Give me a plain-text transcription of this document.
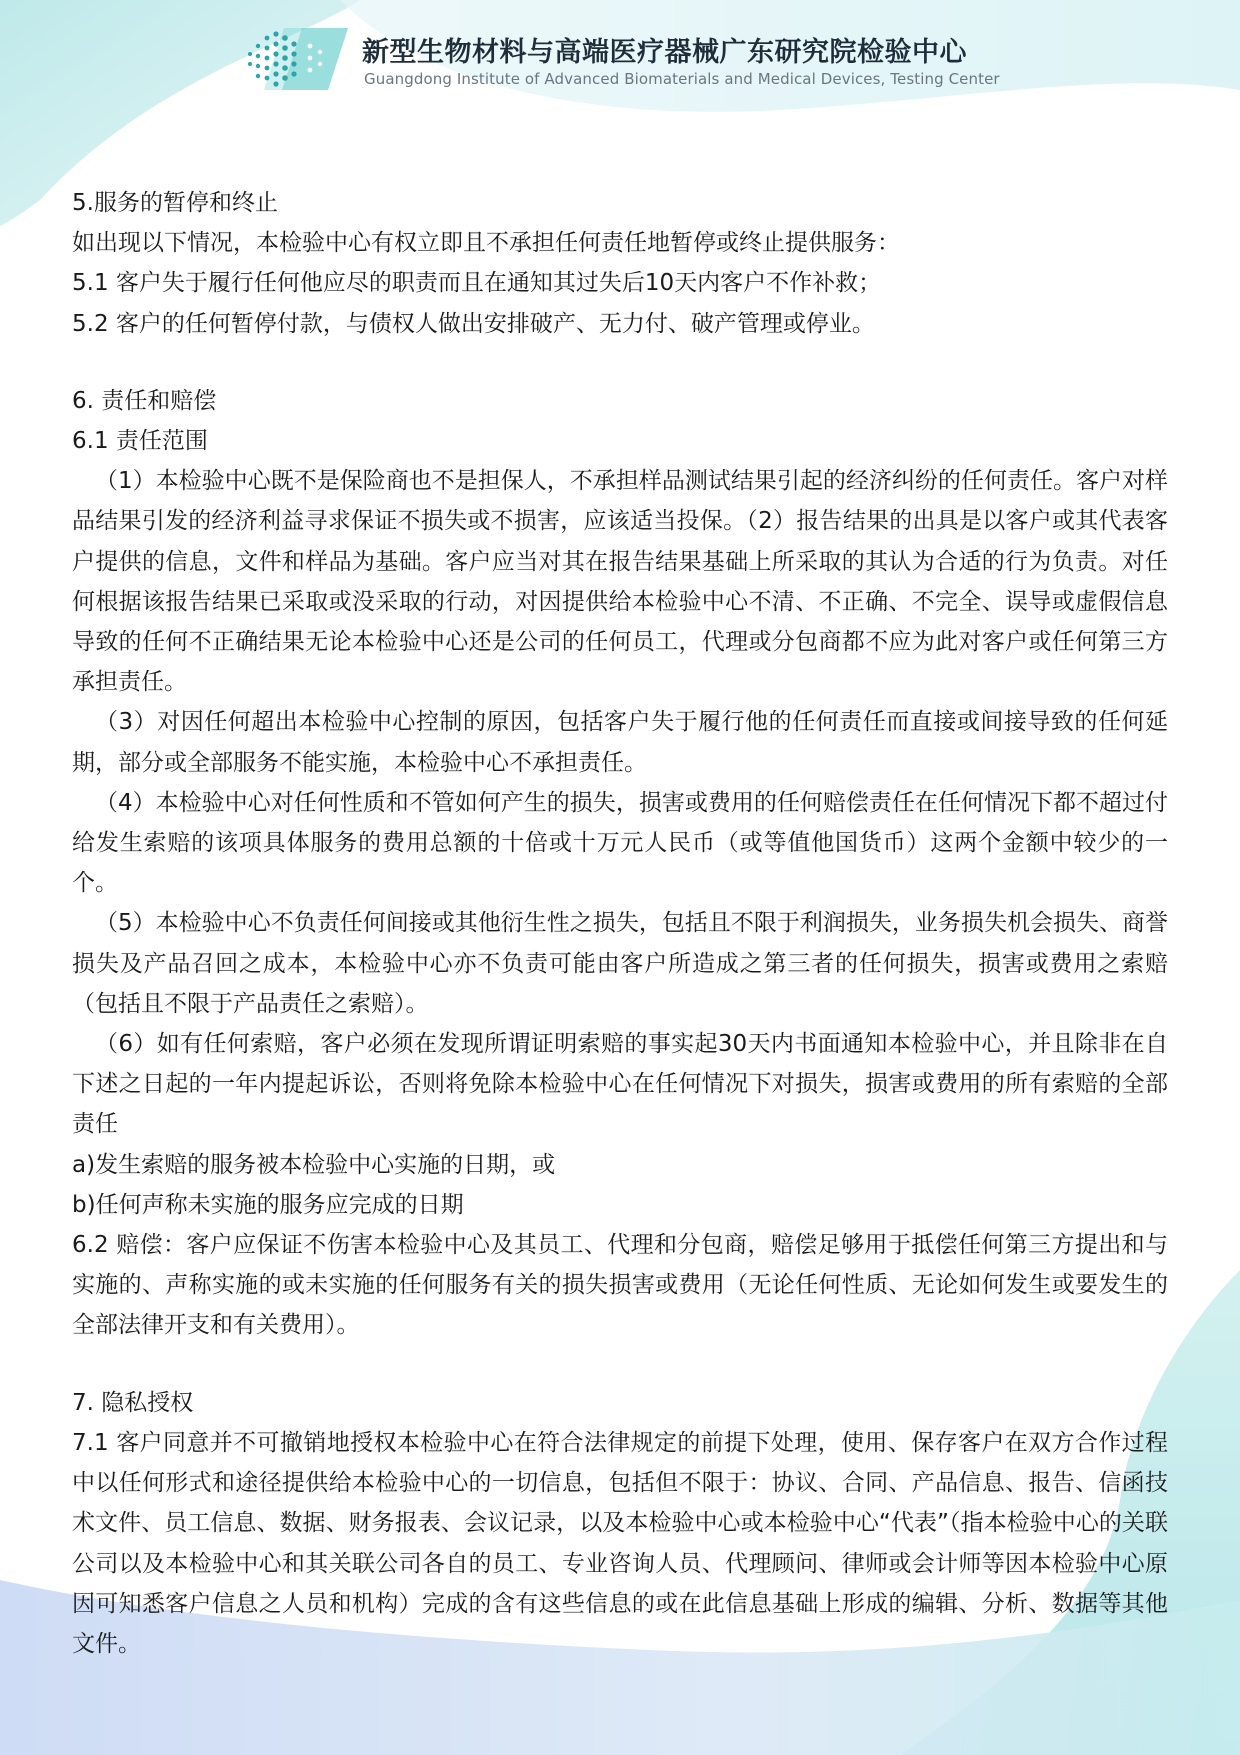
新型生物材料与高端医疗器械广东研究院检验中心
Guangdong Institute of Advanced Biomaterials and Medical Devices, Testing Center

5.服务的暂停和终止

如出现以下情况，本检验中心有权立即且不承担任何责任地暂停或终止提供服务：

5.1 客户失于履行任何他应尽的职责而且在通知其过失后10天内客户不作补救；

5.2 客户的任何暂停付款，与债权人做出安排破产、无力付、破产管理或停业。

6. 责任和赔偿

6.1 责任范围

（1）本检验中心既不是保险商也不是担保人，不承担样品测试结果引起的经济纠纷的任何责任。客户对样品结果引发的经济利益寻求保证不损失或不损害，应该适当投保。（2）报告结果的出具是以客户或其代表客户提供的信息，文件和样品为基础。客户应当对其在报告结果基础上所采取的其认为合适的行为负责。对任何根据该报告结果已采取或没采取的行动，对因提供给本检验中心不清、不正确、不完全、误导或虚假信息导致的任何不正确结果无论本检验中心还是公司的任何员工，代理或分包商都不应为此对客户或任何第三方承担责任。

（3）对因任何超出本检验中心控制的原因，包括客户失于履行他的任何责任而直接或间接导致的任何延期，部分或全部服务不能实施，本检验中心不承担责任。

（4）本检验中心对任何性质和不管如何产生的损失，损害或费用的任何赔偿责任在任何情况下都不超过付给发生索赔的该项具体服务的费用总额的十倍或十万元人民币（或等值他国货币）这两个金额中较少的一个。

（5）本检验中心不负责任何间接或其他衍生性之损失，包括且不限于利润损失，业务损失机会损失、商誉损失及产品召回之成本，本检验中心亦不负责可能由客户所造成之第三者的任何损失，损害或费用之索赔（包括且不限于产品责任之索赔）。

（6）如有任何索赔，客户必须在发现所谓证明索赔的事实起30天内书面通知本检验中心，并且除非在自下述之日起的一年内提起诉讼，否则将免除本检验中心在任何情况下对损失，损害或费用的所有索赔的全部责任

a)发生索赔的服务被本检验中心实施的日期，或

b)任何声称未实施的服务应完成的日期

6.2 赔偿：客户应保证不伤害本检验中心及其员工、代理和分包商，赔偿足够用于抵偿任何第三方提出和与实施的、声称实施的或未实施的任何服务有关的损失损害或费用（无论任何性质、无论如何发生或要发生的全部法律开支和有关费用）。

7. 隐私授权

7.1 客户同意并不可撤销地授权本检验中心在符合法律规定的前提下处理，使用、保存客户在双方合作过程中以任何形式和途径提供给本检验中心的一切信息，包括但不限于：协议、合同、产品信息、报告、信函技术文件、员工信息、数据、财务报表、会议记录，以及本检验中心或本检验中心“代表”（指本检验中心的关联公司以及本检验中心和其关联公司各自的员工、专业咨询人员、代理顾问、律师或会计师等因本检验中心原因可知悉客户信息之人员和机构）完成的含有这些信息的或在此信息基础上形成的编辑、分析、数据等其他文件。
